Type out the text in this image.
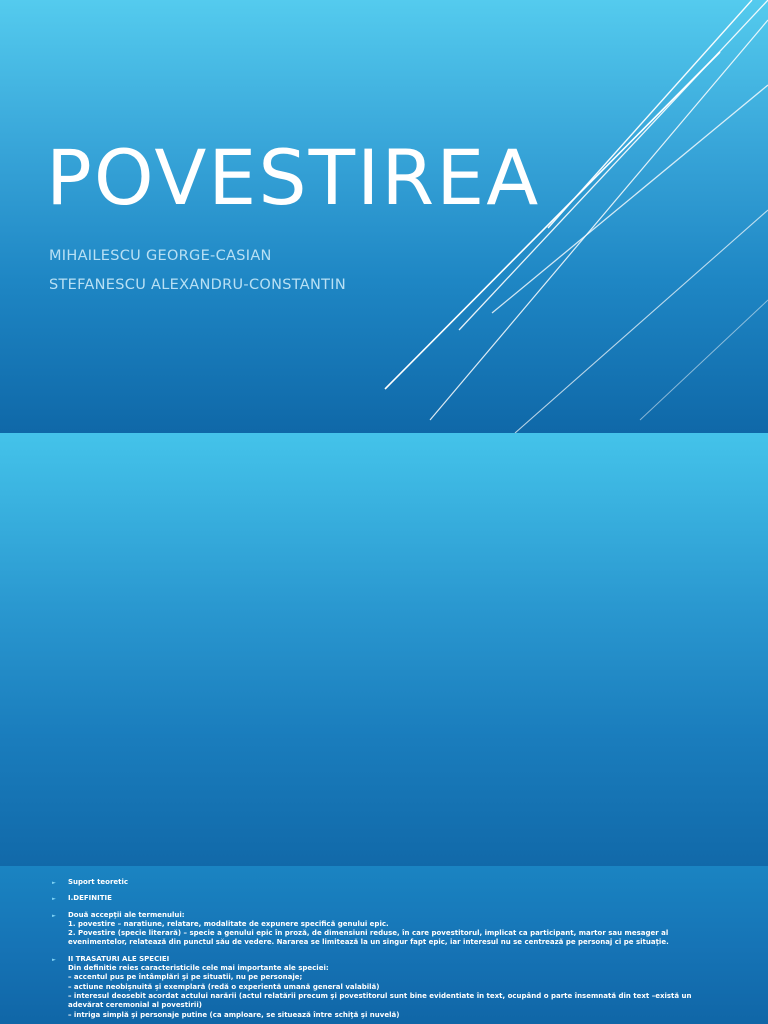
POVESTIREA

MIHAILESCU GEORGE-CASIAN

STEFANESCU ALEXANDRU-CONSTANTIN

► Suport teoretic
► I.DEFINITIE
► Două accepţii ale termenului:
1. povestire – naratiune, relatare, modalitate de expunere specifică genului epic.
2. Povestire (specie literară) – specie a genului epic în proză, de dimensiuni reduse, în care povestitorul, implicat ca participant, martor sau mesager al
evenimentelor, relatează din punctul său de vedere. Nararea se limitează la un singur fapt epic, iar interesul nu se centrează pe personaj ci pe situaţie.
► II TRASATURI ALE SPECIEI
Din definitie reies caracteristicile cele mai importante ale speciei:
– accentul pus pe întâmplări şi pe situatii, nu pe personaje;
– actiune neobişnuită şi exemplară (redă o experientă umană general valabilă)
– interesul deosebit acordat actului narării (actul relatării precum şi povestitorul sunt bine evidentiate în text, ocupând o parte însemnată din text –există un
adevărat ceremonial al povestirii)
– intriga simplă şi personaje putine (ca amploare, se situează între schiţă şi nuvelă)
